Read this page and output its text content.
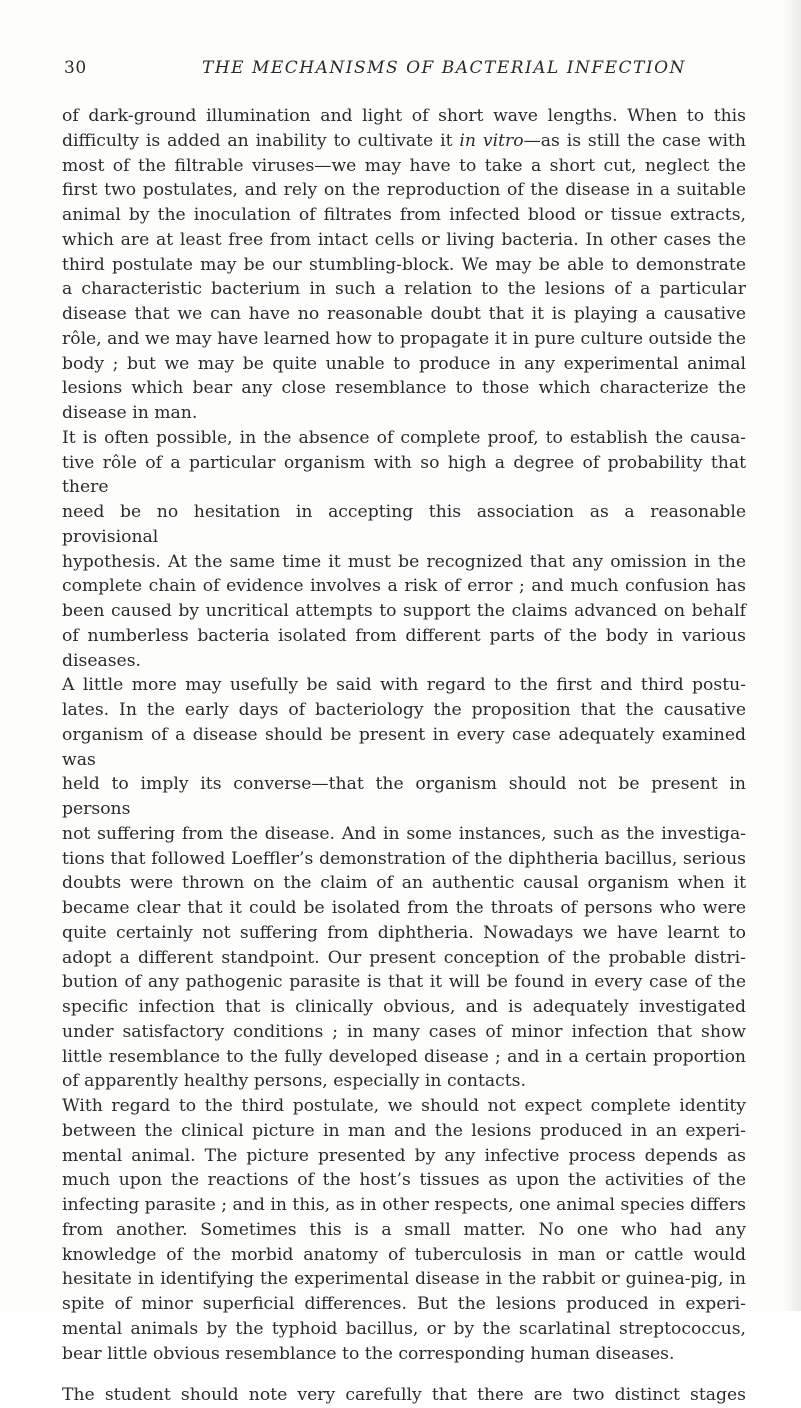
30	THE MECHANISMS OF BACTERIAL INFECTION

of dark-ground illumination and light of short wave lengths. When to this
difficulty is added an inability to cultivate it in vitro—as is still the case with
most of the filtrable viruses—we may have to take a short cut, neglect the
first two postulates, and rely on the reproduction of the disease in a suitable
animal by the inoculation of filtrates from infected blood or tissue extracts,
which are at least free from intact cells or living bacteria. In other cases the
third postulate may be our stumbling-block. We may be able to demonstrate
a characteristic bacterium in such a relation to the lesions of a particular
disease that we can have no reasonable doubt that it is playing a causative
rôle, and we may have learned how to propagate it in pure culture outside the
body ; but we may be quite unable to produce in any experimental animal
lesions which bear any close resemblance to those which characterize the
disease in man.

It is often possible, in the absence of complete proof, to establish the causa-
tive rôle of a particular organism with so high a degree of probability that there
need be no hesitation in accepting this association as a reasonable provisional
hypothesis. At the same time it must be recognized that any omission in the
complete chain of evidence involves a risk of error ; and much confusion has
been caused by uncritical attempts to support the claims advanced on behalf
of numberless bacteria isolated from different parts of the body in various
diseases.

A little more may usefully be said with regard to the first and third postu-
lates. In the early days of bacteriology the proposition that the causative
organism of a disease should be present in every case adequately examined was
held to imply its converse—that the organism should not be present in persons
not suffering from the disease. And in some instances, such as the investiga-
tions that followed Loeffler’s demonstration of the diphtheria bacillus, serious
doubts were thrown on the claim of an authentic causal organism when it
became clear that it could be isolated from the throats of persons who were
quite certainly not suffering from diphtheria. Nowadays we have learnt to
adopt a different standpoint. Our present conception of the probable distri-
bution of any pathogenic parasite is that it will be found in every case of the
specific infection that is clinically obvious, and is adequately investigated
under satisfactory conditions ; in many cases of minor infection that show
little resemblance to the fully developed disease ; and in a certain proportion
of apparently healthy persons, especially in contacts.

With regard to the third postulate, we should not expect complete identity
between the clinical picture in man and the lesions produced in an experi-
mental animal. The picture presented by any infective process depends as
much upon the reactions of the host’s tissues as upon the activities of the
infecting parasite ; and in this, as in other respects, one animal species differs
from another. Sometimes this is a small matter. No one who had any
knowledge of the morbid anatomy of tuberculosis in man or cattle would
hesitate in identifying the experimental disease in the rabbit or guinea-pig, in
spite of minor superficial differences. But the lesions produced in experi-
mental animals by the typhoid bacillus, or by the scarlatinal streptococcus,
bear little obvious resemblance to the corresponding human diseases.

The student should note very carefully that there are two distinct stages
